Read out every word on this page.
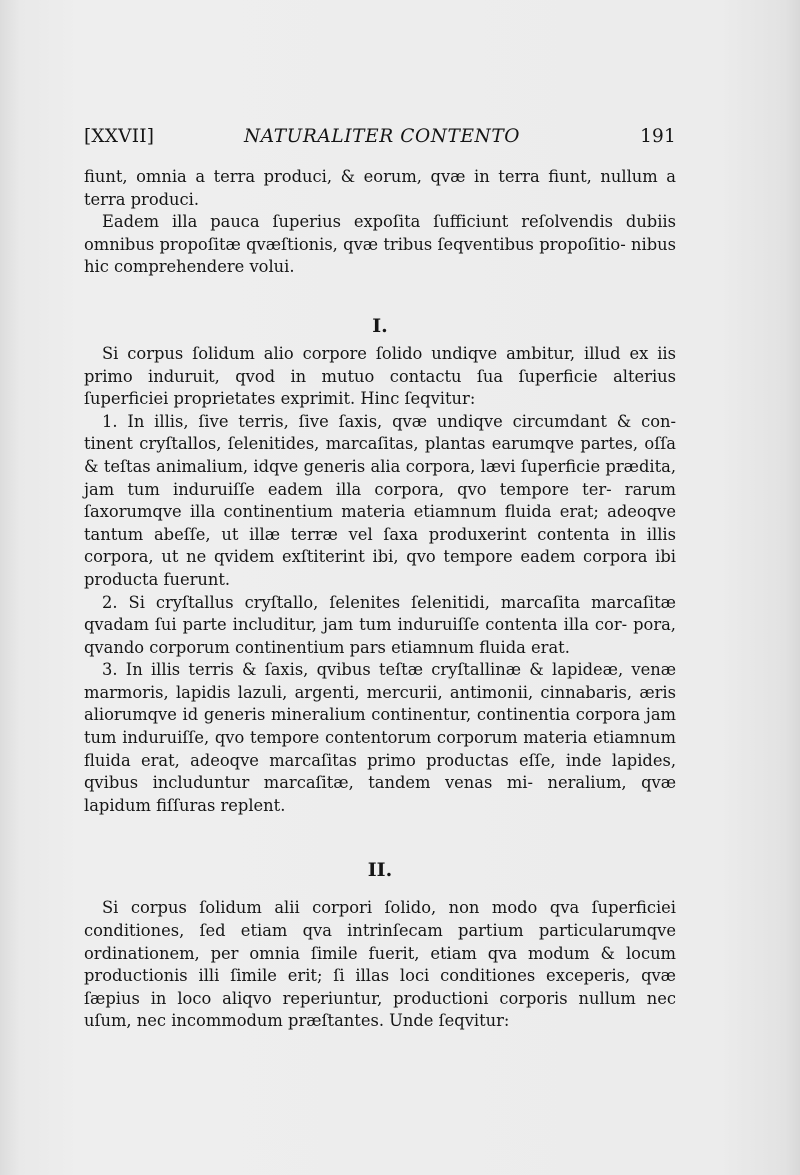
[XXVII]	NATURALITER CONTENTO	191

fiunt, omnia a terra produci, & eorum, qvæ in terra fiunt, nullum a terra produci.

Eadem illa pauca ſuperius expoſita ſufficiunt reſolvendis dubiis omnibus propoſitæ qvæſtionis, qvæ tribus ſeqventibus propoſitio- nibus hic comprehendere volui.

I.

Si corpus ſolidum alio corpore ſolido undiqve ambitur, illud ex iis primo induruit, qvod in mutuo contactu ſua ſuperficie alterius ſuperficiei proprietates exprimit. Hinc ſeqvitur:

1. In illis, ſive terris, ſive ſaxis, qvæ undiqve circumdant & con- tinent cryſtallos, ſelenitides, marcaſitas, plantas earumqve partes, oſſa & teſtas animalium, idqve generis alia corpora, lævi ſuperficie prædita, jam tum induruiſſe eadem illa corpora, qvo tempore ter- rarum ſaxorumqve illa continentium materia etiamnum fluida erat; adeoqve tantum abeſſe, ut illæ terræ vel ſaxa produxerint contenta in illis corpora, ut ne qvidem exſtiterint ibi, qvo tempore eadem corpora ibi producta fuerunt.

2. Si cryſtallus cryſtallo, ſelenites ſelenitidi, marcaſita marcaſitæ qvadam ſui parte includitur, jam tum induruiſſe contenta illa cor- pora, qvando corporum continentium pars etiamnum fluida erat.

3. In illis terris & ſaxis, qvibus teſtæ cryſtallinæ & lapideæ, venæ marmoris, lapidis lazuli, argenti, mercurii, antimonii, cinnabaris, æris aliorumqve id generis mineralium continentur, continentia corpora jam tum induruiſſe, qvo tempore contentorum corporum materia etiamnum fluida erat, adeoqve marcaſitas primo productas eſſe, inde lapides, qvibus includuntur marcaſitæ, tandem venas mi- neralium, qvæ lapidum fiſſuras replent.

II.

Si corpus ſolidum alii corpori ſolido, non modo qva ſuperficiei conditiones, ſed etiam qva intrinſecam partium particularumqve ordinationem, per omnia ſimile fuerit, etiam qva modum & locum productionis illi ſimile erit; ſi illas loci conditiones exceperis, qvæ ſæpius in loco aliqvo reperiuntur, productioni corporis nullum nec uſum, nec incommodum præſtantes. Unde ſeqvitur:
